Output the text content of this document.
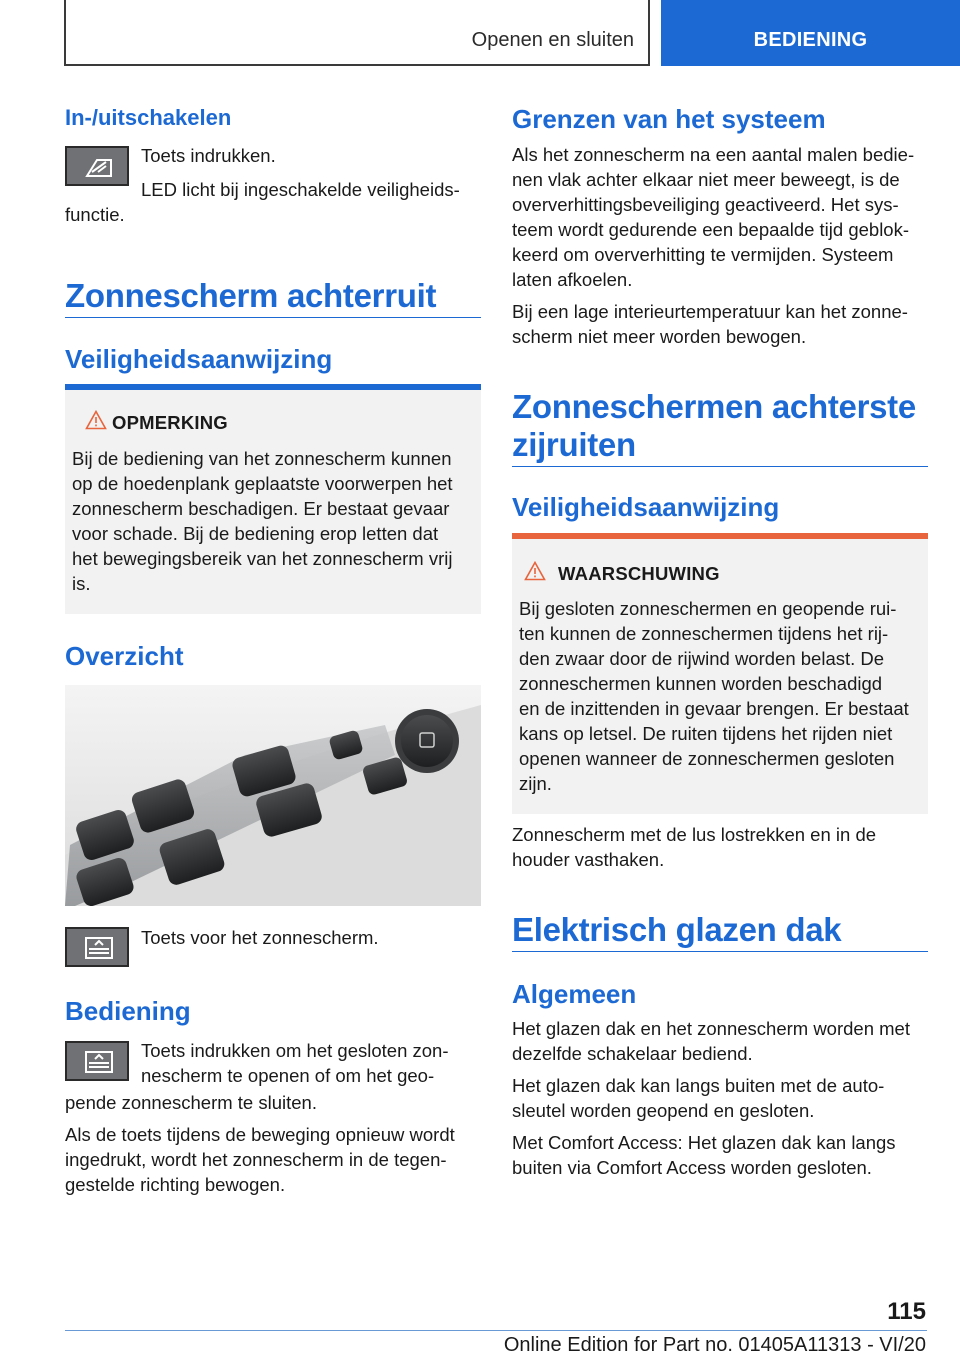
Openen en sluiten	BEDIENING
In-/uitschakelen
Toets indrukken.
LED licht bij ingeschakelde veiligheids-
functie.
Zonnescherm achterruit
Veiligheidsaanwijzing
OPMERKING
Bij de bediening van het zonnescherm kunnen
op de hoedenplank geplaatste voorwerpen het
zonnescherm beschadigen. Er bestaat gevaar
voor schade. Bij de bediening erop letten dat
het bewegingsbereik van het zonnescherm vrij
is.
Overzicht
Toets voor het zonnescherm.
Bediening
Toets indrukken om het gesloten zon-
nescherm te openen of om het geo-
pende zonnescherm te sluiten.
Als de toets tijdens de beweging opnieuw wordt
ingedrukt, wordt het zonnescherm in de tegen-
gestelde richting bewogen.
Grenzen van het systeem
Als het zonnescherm na een aantal malen bedie-
nen vlak achter elkaar niet meer beweegt, is de
oververhittingsbeveiliging geactiveerd. Het sys-
teem wordt gedurende een bepaalde tijd geblok-
keerd om oververhitting te vermijden. Systeem
laten afkoelen.
Bij een lage interieurtemperatuur kan het zonne-
scherm niet meer worden bewogen.
Zonneschermen achterste
zijruiten
Veiligheidsaanwijzing
WAARSCHUWING
Bij gesloten zonneschermen en geopende rui-
ten kunnen de zonneschermen tijdens het rij-
den zwaar door de rijwind worden belast. De
zonneschermen kunnen worden beschadigd
en de inzittenden in gevaar brengen. Er bestaat
kans op letsel. De ruiten tijdens het rijden niet
openen wanneer de zonneschermen gesloten
zijn.
Zonnescherm met de lus lostrekken en in de
houder vasthaken.
Elektrisch glazen dak
Algemeen
Het glazen dak en het zonnescherm worden met
dezelfde schakelaar bediend.
Het glazen dak kan langs buiten met de auto-
sleutel worden geopend en gesloten.
Met Comfort Access: Het glazen dak kan langs
buiten via Comfort Access worden gesloten.
115
Online Edition for Part no. 01405A11313 - VI/20
